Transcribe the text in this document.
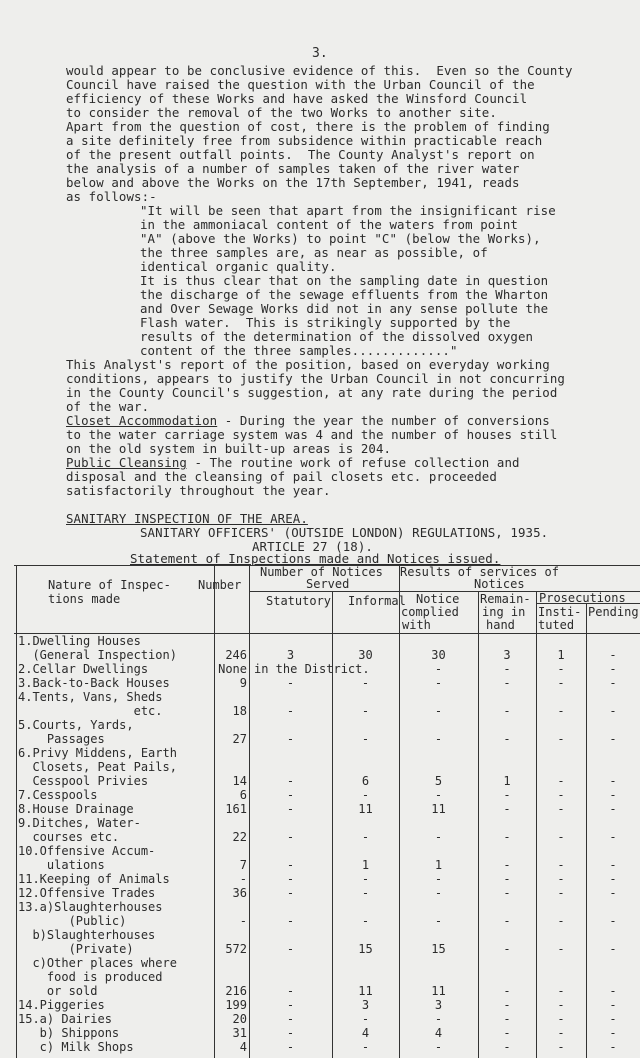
3.
would appear to be conclusive evidence of this.  Even so the County
Council have raised the question with the Urban Council of the
efficiency of these Works and have asked the Winsford Council
to consider the removal of the two Works to another site.
Apart from the question of cost, there is the problem of finding
a site definitely free from subsidence within practicable reach
of the present outfall points.  The County Analyst's report on
the analysis of a number of samples taken of the river water
below and above the Works on the 17th September, 1941, reads
as follows:-
"It will be seen that apart from the insignificant rise
in the ammoniacal content of the waters from point
"A" (above the Works) to point "C" (below the Works),
the three samples are, as near as possible, of
identical organic quality.
It is thus clear that on the sampling date in question
the discharge of the sewage effluents from the Wharton
and Over Sewage Works did not in any sense pollute the
Flash water.  This is strikingly supported by the
results of the determination of the dissolved oxygen
content of the three samples............."
This Analyst's report of the position, based on everyday working
conditions, appears to justify the Urban Council in not concurring
in the County Council's suggestion, at any rate during the period
of the war.
Closet Accommodation - During the year the number of conversions
to the water carriage system was 4 and the number of houses still
on the old system in built-up areas is 204.
Public Cleansing - The routine work of refuse collection and
disposal and the cleansing of pail closets etc. proceeded
satisfactorily throughout the year.
SANITARY INSPECTION OF THE AREA.
SANITARY OFFICERS' (OUTSIDE LONDON) REGULATIONS, 1935.
ARTICLE 27 (18).
Statement of Inspections made and Notices issued.
Nature of Inspec-
tions made
Number
Number of Notices
Served
Statutory Informal
Results of services of
Notices
Notice
complied
with
Remain-
ing in
hand
Prosecutions
Insti-
tuted
Pending
1.Dwelling Houses
(General Inspection)	246	3	30	30	3	1	-
2.Cellar Dwellings	None in the District.	-	-	-	-
3.Back-to-Back Houses	9	-	-	-	-	-	-
4.Tents, Vans, Sheds
etc.	18	-	-	-	-	-	-
5.Courts, Yards,
Passages	27	-	-	-	-	-	-
6.Privy Middens, Earth
Closets, Peat Pails,
Cesspool Privies	14	-	6	5	1	-	-
7.Cesspools	6	-	-	-	-	-	-
8.House Drainage	161	-	11	11	-	-	-
9.Ditches, Water-
courses etc.	22	-	-	-	-	-	-
10.Offensive Accum-
ulations	7	-	1	1	-	-	-
11.Keeping of Animals	-	-	-	-	-	-	-
12.Offensive Trades	36	-	-	-	-	-	-
13.a)Slaughterhouses
(Public)	-	-	-	-	-	-	-
b)Slaughterhouses
(Private)	572	-	15	15	-	-	-
c)Other places where
food is produced
or sold	216	-	11	11	-	-	-
14.Piggeries	199	-	3	3	-	-	-
15.a) Dairies	20	-	-	-	-	-	-
b) Shippons	31	-	4	4	-	-	-
c) Milk Shops	4	-	-	-	-	-	-
